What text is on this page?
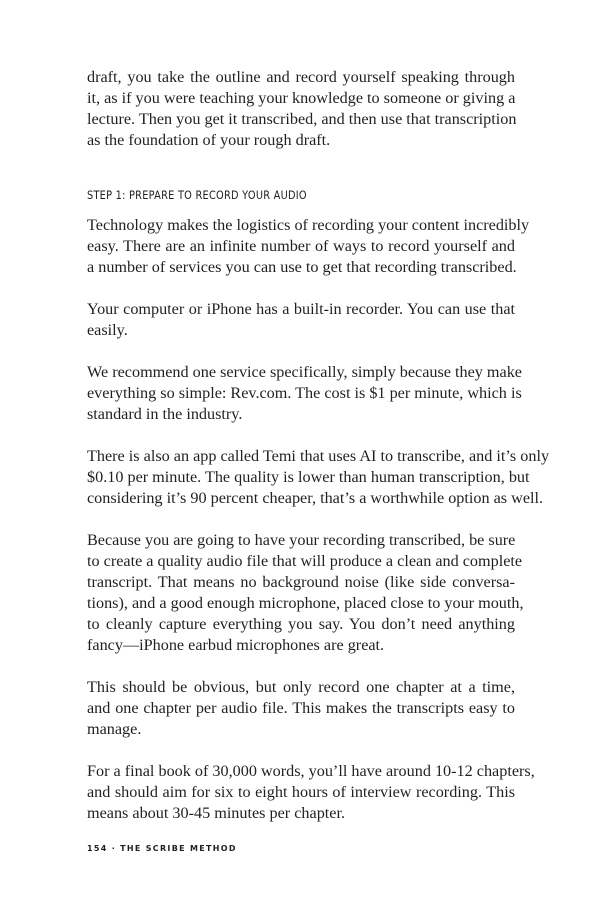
draft, you take the outline and record yourself speaking through
it, as if you were teaching your knowledge to someone or giving a
lecture. Then you get it transcribed, and then use that transcription
as the foundation of your rough draft.
STEP 1: PREPARE TO RECORD YOUR AUDIO
Technology makes the logistics of recording your content incredibly
easy. There are an infinite number of ways to record yourself and
a number of services you can use to get that recording transcribed.
Your computer or iPhone has a built-in recorder. You can use that
easily.
We recommend one service specifically, simply because they make
everything so simple: Rev.com. The cost is $1 per minute, which is
standard in the industry.
There is also an app called Temi that uses AI to transcribe, and it’s only
$0.10 per minute. The quality is lower than human transcription, but
considering it’s 90 percent cheaper, that’s a worthwhile option as well.
Because you are going to have your recording transcribed, be sure
to create a quality audio file that will produce a clean and complete
transcript. That means no background noise (like side conversa-
tions), and a good enough microphone, placed close to your mouth,
to cleanly capture everything you say. You don’t need anything
fancy—iPhone earbud microphones are great.
This should be obvious, but only record one chapter at a time,
and one chapter per audio file. This makes the transcripts easy to
manage.
For a final book of 30,000 words, you’ll have around 10-12 chapters,
and should aim for six to eight hours of interview recording. This
means about 30-45 minutes per chapter.
154 · THE SCRIBE METHOD
